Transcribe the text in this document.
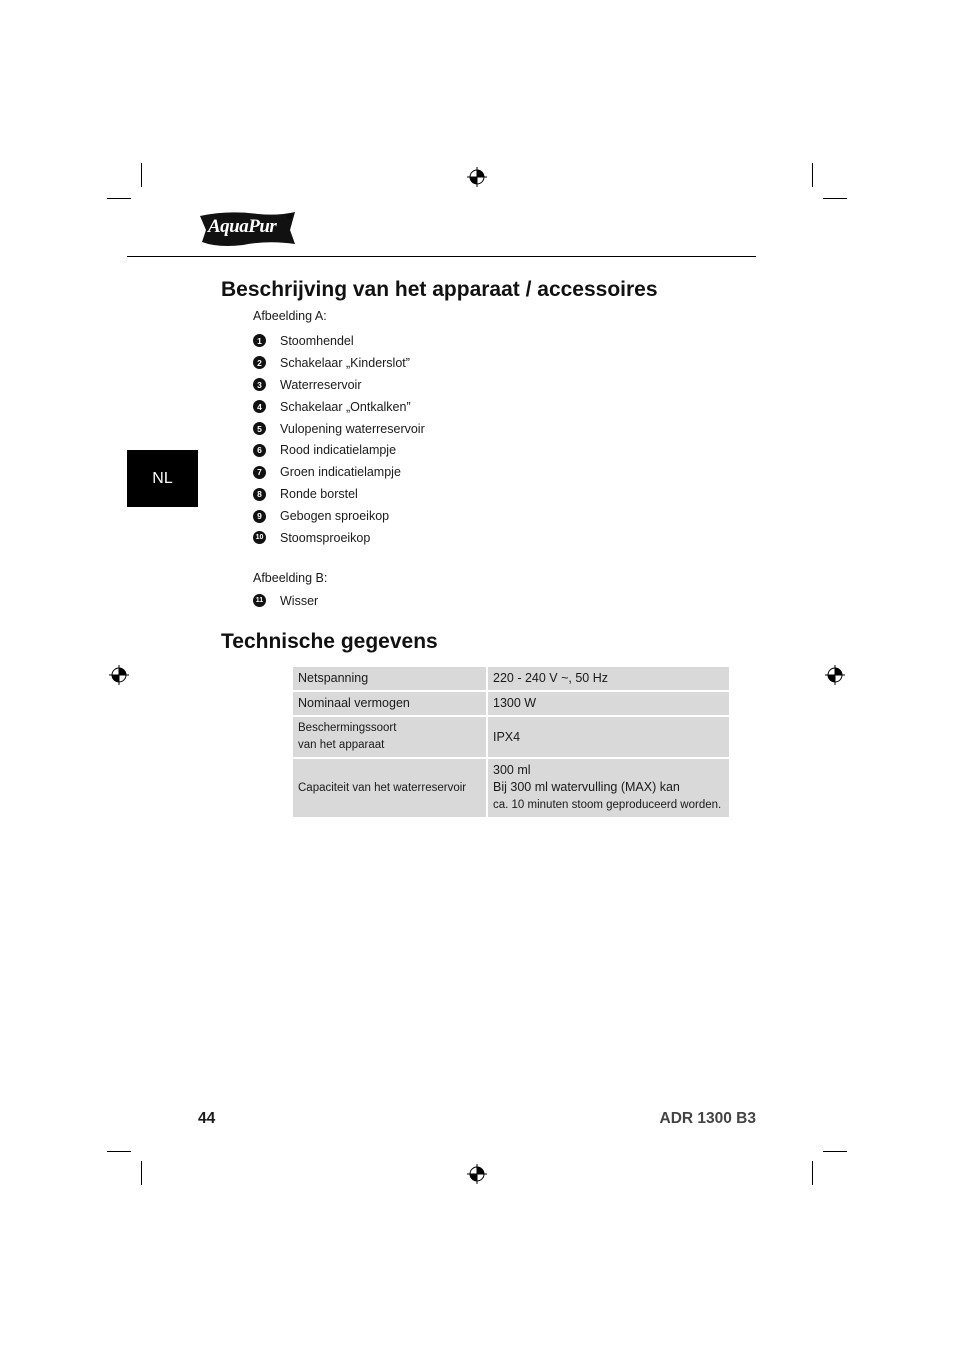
AquaPur ®
NL
Beschrijving van het apparaat / accessoires
Afbeelding A:
1	Stoomhendel
2	Schakelaar „Kinderslot”
3	Waterreservoir
4	Schakelaar „Ontkalken”
5	Vulopening waterreservoir
6	Rood indicatielampje
7	Groen indicatielampje
8	Ronde borstel
9	Gebogen sproeikop
10 Stoomsproeikop
Afbeelding B:
11 Wisser
Technische gegevens
Netspanning	220 - 240 V ~, 50 Hz
Nominaal vermogen	1300 W
Beschermingssoort
van het apparaat	IPX4
Capaciteit van het waterreservoir	300 ml
Bij 300 ml watervulling (MAX) kan
ca. 10 minuten stoom geproduceerd worden.
44	ADR 1300 B3
